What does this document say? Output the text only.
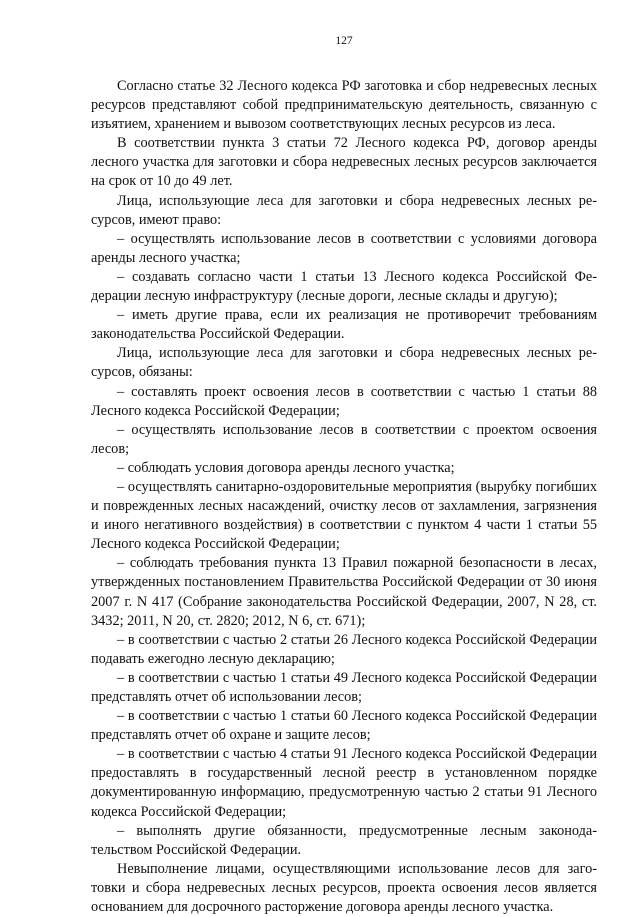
127

Согласно статье 32 Лесного кодекса РФ заготовка и сбор недревесных лесных ресурсов представляют собой предпринимательскую деятельность, связанную с изъятием, хранением и вывозом соответствующих лесных ресурсов из леса.

В соответствии пункта 3 статьи 72 Лесного кодекса РФ, договор аренды лесного участка для заготовки и сбора недревесных лесных ресурсов заключается на срок от 10 до 49 лет.

Лица, использующие леса для заготовки и сбора недревесных лесных ресурсов, имеют право:

– осуществлять использование лесов в соответствии с условиями договора аренды лесного участка;

– создавать согласно части 1 статьи 13 Лесного кодекса Российской Федерации лесную инфраструктуру (лесные дороги, лесные склады и другую);

– иметь другие права, если их реализация не противоречит требованиям законодательства Российской Федерации.

Лица, использующие леса для заготовки и сбора недревесных лесных ресурсов, обязаны:

– составлять проект освоения лесов в соответствии с частью 1 статьи 88 Лесного кодекса Российской Федерации;

– осуществлять использование лесов в соответствии с проектом освоения лесов;

– соблюдать условия договора аренды лесного участка;

– осуществлять санитарно-оздоровительные мероприятия (вырубку погибших и поврежденных лесных насаждений, очистку лесов от захламления, загрязнения и иного негативного воздействия) в соответствии с пунктом 4 части 1 статьи 55 Лесного кодекса Российской Федерации;

– соблюдать требования пункта 13 Правил пожарной безопасности в лесах, утвержденных постановлением Правительства Российской Федерации от 30 июня 2007 г. N 417 (Собрание законодательства Российской Федерации, 2007, N 28, ст. 3432; 2011, N 20, ст. 2820; 2012, N 6, ст. 671);

– в соответствии с частью 2 статьи 26 Лесного кодекса Российской Федерации подавать ежегодно лесную декларацию;

– в соответствии с частью 1 статьи 49 Лесного кодекса Российской Федерации представлять отчет об использовании лесов;

– в соответствии с частью 1 статьи 60 Лесного кодекса Российской Федерации представлять отчет об охране и защите лесов;

– в соответствии с частью 4 статьи 91 Лесного кодекса Российской Федерации предоставлять в государственный лесной реестр в установленном порядке документированную информацию, предусмотренную частью 2 статьи 91 Лесного кодекса Российской Федерации;

– выполнять другие обязанности, предусмотренные лесным законодательством Российской Федерации.

Невыполнение лицами, осуществляющими использование лесов для заготовки и сбора недревесных лесных ресурсов, проекта освоения лесов является основанием для досрочного расторжение договора аренды лесного участка.
